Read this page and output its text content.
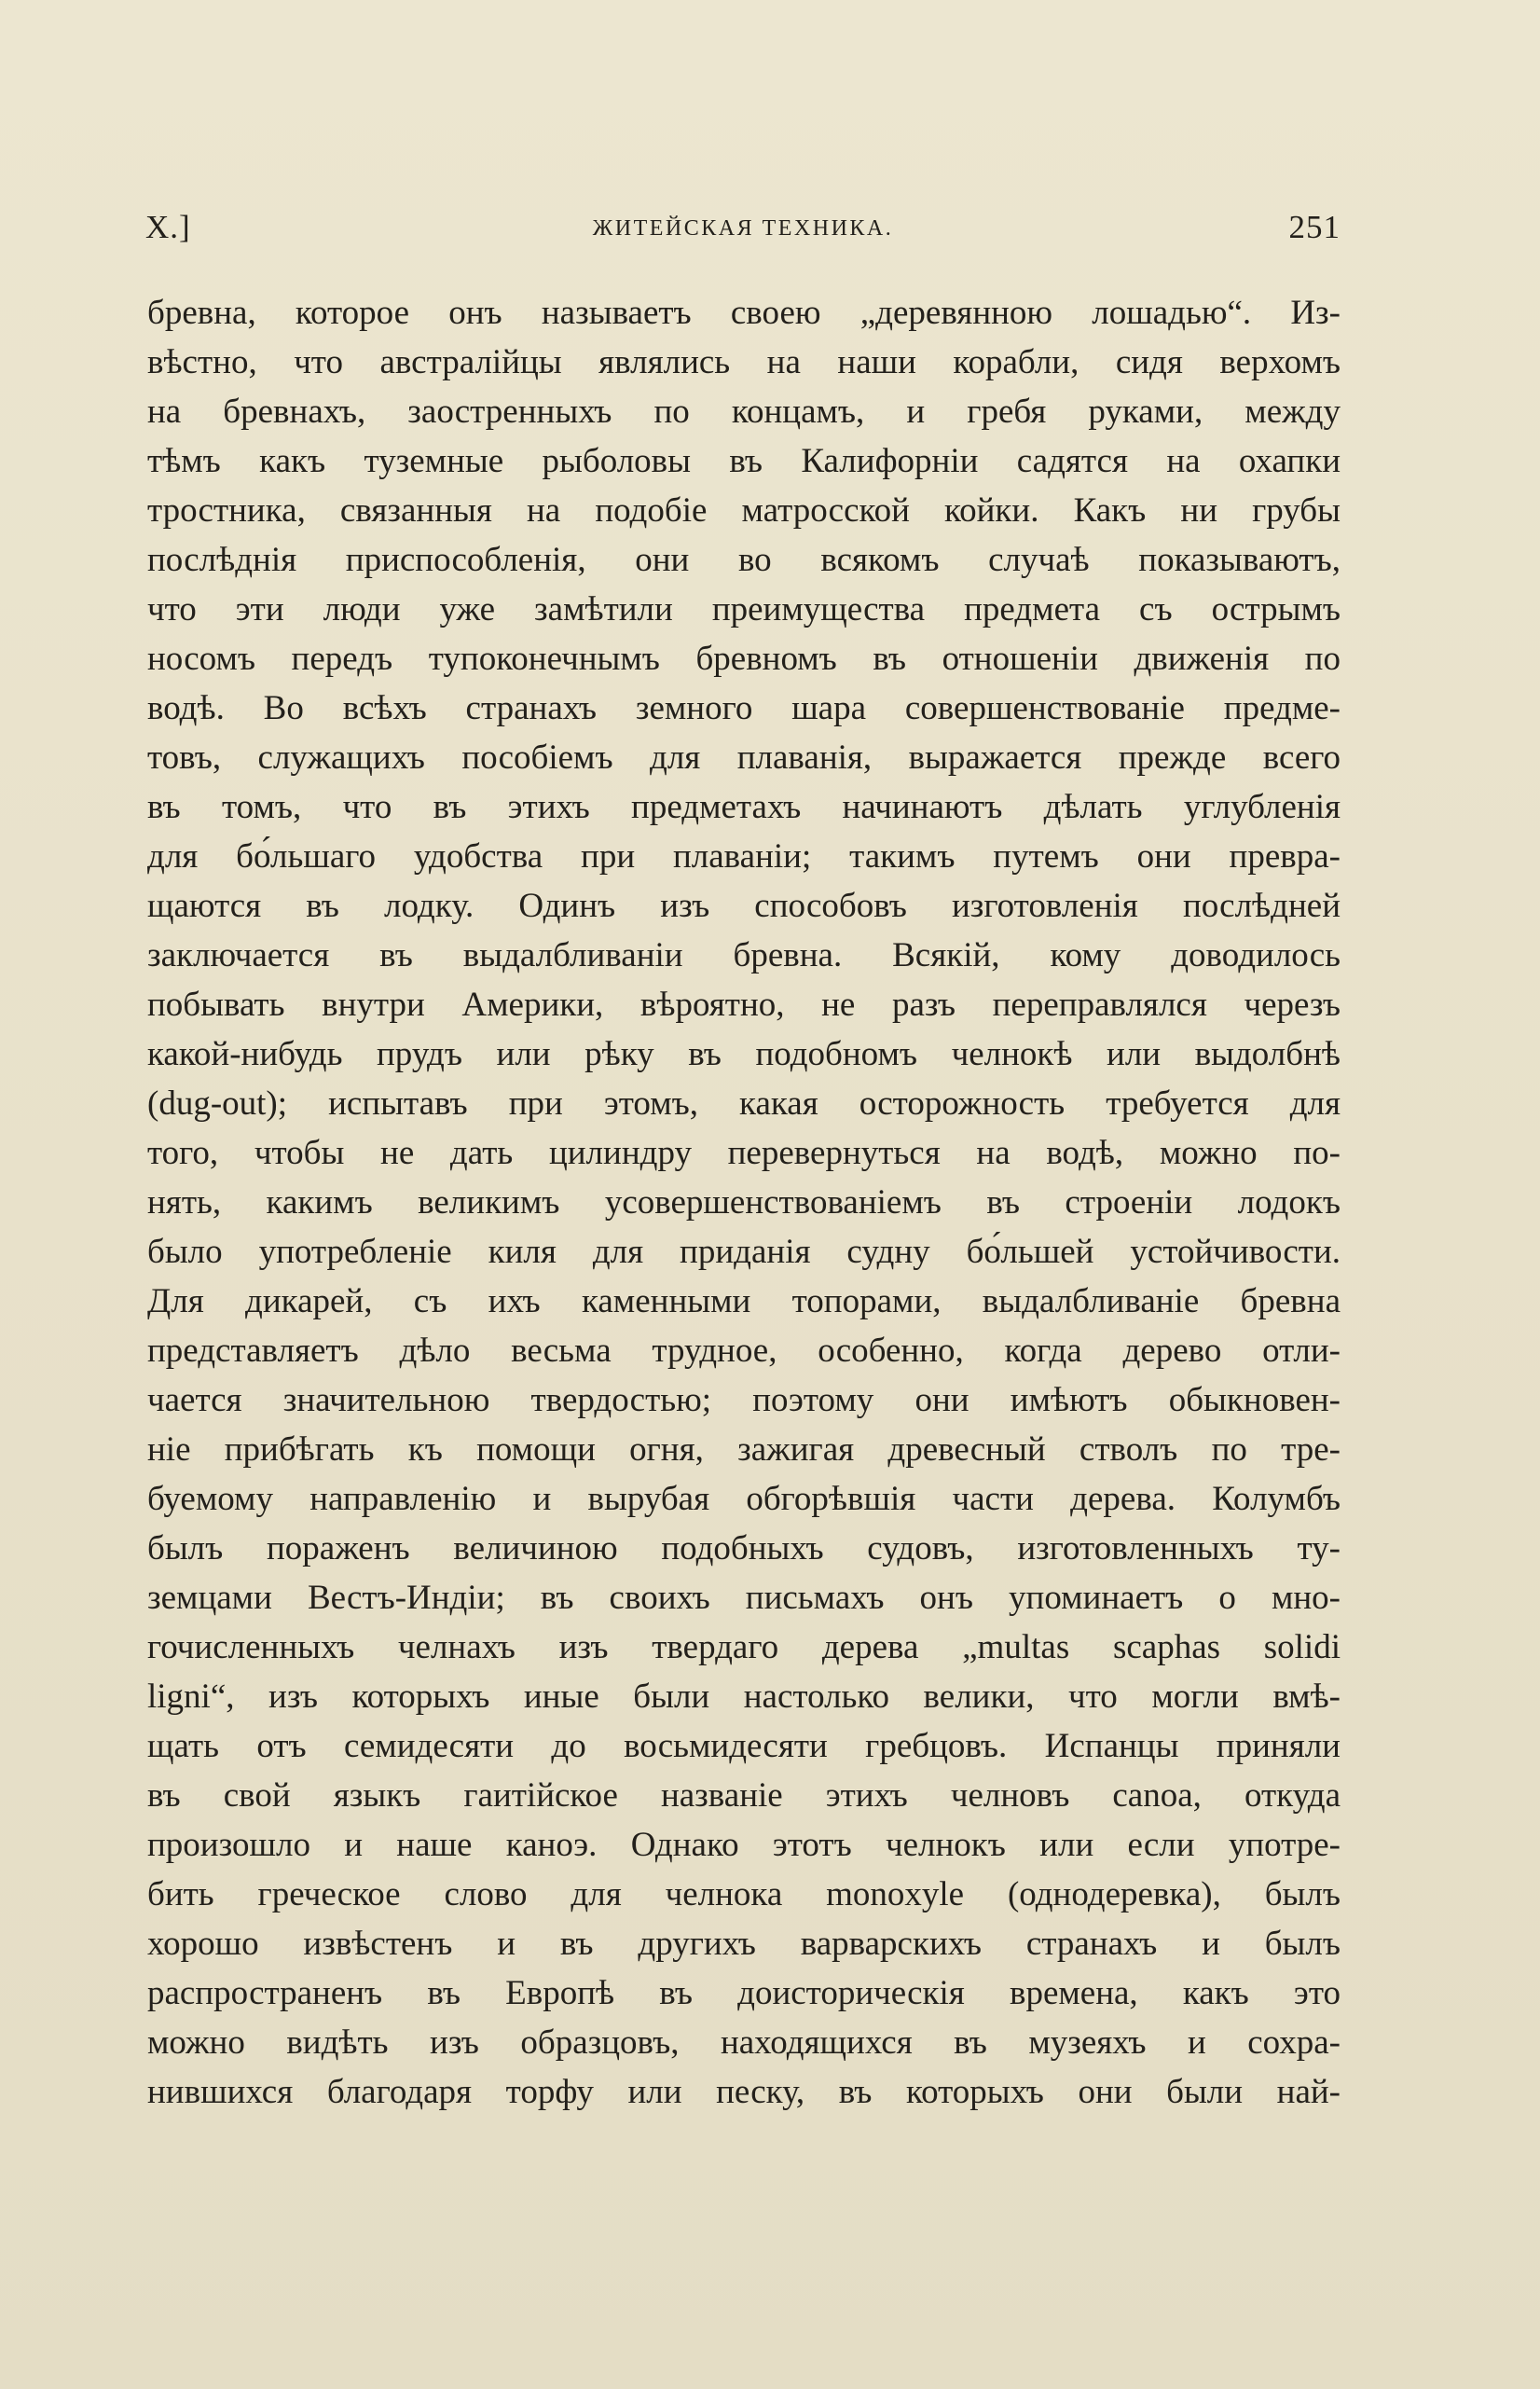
X.]	ЖИТЕЙСКАЯ ТЕХНИКА.	251
бревна, которое онъ называетъ своею „деревянною лошадью“. Из-
вѣстно, что австралійцы являлись на наши корабли, сидя верхомъ
на бревнахъ, заостренныхъ по концамъ, и гребя руками, между
тѣмъ какъ туземные рыболовы въ Калифорніи садятся на охапки
тростника, связанныя на подобіе матросской койки. Какъ ни грубы
послѣднія приспособленія, они во всякомъ случаѣ показываютъ,
что эти люди уже замѣтили преимущества предмета съ острымъ
носомъ передъ тупоконечнымъ бревномъ въ отношеніи движенія по
водѣ. Во всѣхъ странахъ земного шара совершенствованіе предме-
товъ, служащихъ пособіемъ для плаванія, выражается прежде всего
въ томъ, что въ этихъ предметахъ начинаютъ дѣлать углубленія
для бо́льшаго удобства при плаваніи; такимъ путемъ они превра-
щаются въ лодку. Одинъ изъ способовъ изготовленія послѣдней
заключается въ выдалбливаніи бревна. Всякій, кому доводилось
побывать внутри Америки, вѣроятно, не разъ переправлялся черезъ
какой-нибудь прудъ или рѣку въ подобномъ челнокѣ или выдолбнѣ
(dug-out); испытавъ при этомъ, какая осторожность требуется для
того, чтобы не дать цилиндру перевернуться на водѣ, можно по-
нять, какимъ великимъ усовершенствованіемъ въ строеніи лодокъ
было употребленіе киля для приданія судну бо́льшей устойчивости.
Для дикарей, съ ихъ каменными топорами, выдалбливаніе бревна
представляетъ дѣло весьма трудное, особенно, когда дерево отли-
чается значительною твердостью; поэтому они имѣютъ обыкновен-
ніе прибѣгать къ помощи огня, зажигая древесный стволъ по тре-
буемому направленію и вырубая обгорѣвшія части дерева. Колумбъ
былъ пораженъ величиною подобныхъ судовъ, изготовленныхъ ту-
земцами Вестъ-Индіи; въ своихъ письмахъ онъ упоминаетъ о мно-
гочисленныхъ челнахъ изъ твердаго дерева „multas scaphas solidi
ligni“, изъ которыхъ иные были настолько велики, что могли вмѣ-
щать отъ семидесяти до восьмидесяти гребцовъ. Испанцы приняли
въ свой языкъ гаитійское названіе этихъ челновъ canoa, откуда
произошло и наше каноэ. Однако этотъ челнокъ или если употре-
бить греческое слово для челнока monoxyle (однодеревка), былъ
хорошо извѣстенъ и въ другихъ варварскихъ странахъ и былъ
распространенъ въ Европѣ въ доисторическія времена, какъ это
можно видѣть изъ образцовъ, находящихся въ музеяхъ и сохра-
нившихся благодаря торфу или песку, въ которыхъ они были най-
